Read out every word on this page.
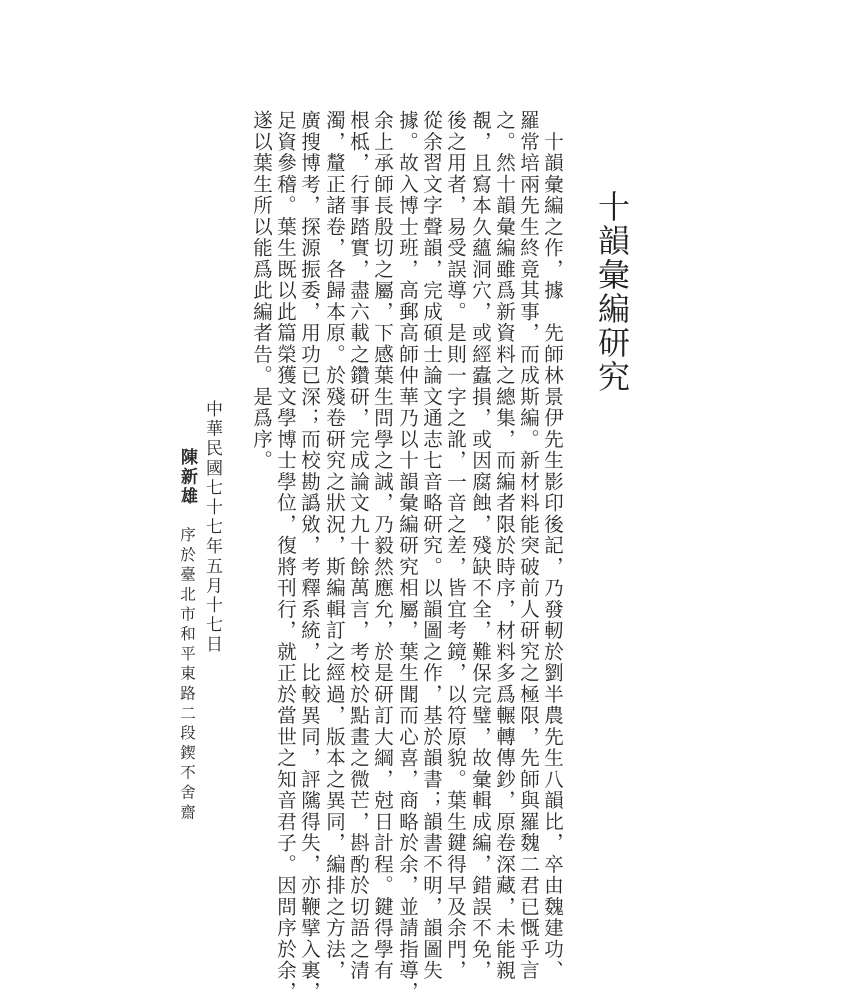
十韻彙編研究
　十韻彙編之作，據　先師林景伊先生影印後記，乃發軔於劉半農先生八韻比，卒由魏建功、
羅常培兩先生終竟其事，而成斯編。新材料能突破前人研究之極限，先師與羅魏二君已慨乎言
之。然十韻彙編雖爲新資料之總集，而編者限於時序，材料多爲輾轉傳鈔，原卷深藏，未能親
覩，且寫本久蘊洞穴，或經蠹損，或因腐蝕，殘缺不全，難保完璧，故彙輯成編，錯誤不免，
後之用者，易受誤導。是則一字之訛，一音之差，皆宜考鏡，以符原貌。葉生鍵得早及余門，
從余習文字聲韻，完成碩士論文通志七音略研究。以韻圖之作，基於韻書；韻書不明，韻圖失
據。故入博士班，高郵高師仲華乃以十韻彙編研究相屬，葉生聞而心喜，商略於余，並請指導，
余上承師長殷切之屬，下感葉生問學之誠，乃毅然應允，於是研訂大綱，尅日計程。鍵得學有
根柢，行事踏實，盡六載之鑽研，完成論文九十餘萬言，考校於點畫之微芒，斟酌於切語之清
濁，釐正諸卷，各歸本原。於殘卷研究之狀況，斯編輯訂之經過，版本之異同，編排之方法，
廣搜博考，探源振委，用功已深；而校勘譌敓，考釋系統，比較異同，評隲得失，亦鞭擘入裏，
足資參稽。葉生既以此篇榮獲文學博士學位，復將刊行，就正於當世之知音君子。因問序於余，
遂以葉生所以能爲此編者告。是爲序。
中華民國七十七年五月十七日
陳新雄　序於臺北市和平東路二段鍥不舍齋
